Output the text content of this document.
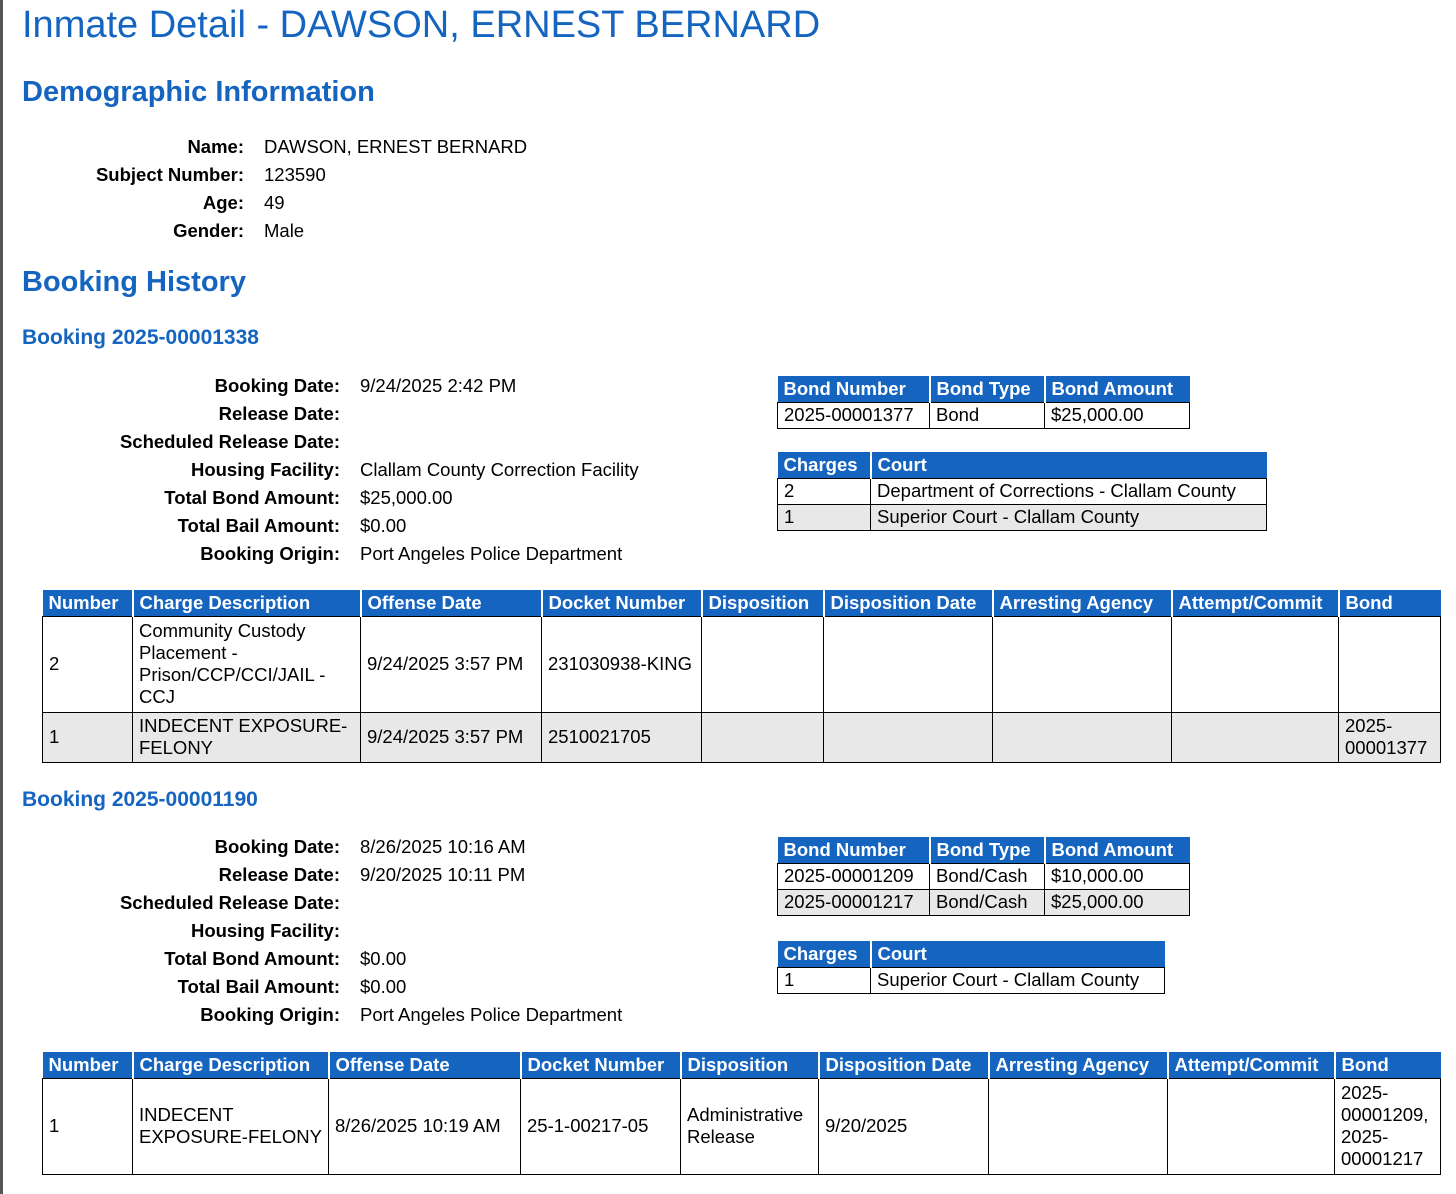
Inmate Detail - DAWSON, ERNEST BERNARD
Demographic Information
Name:	DAWSON, ERNEST BERNARD
Subject Number:	123590
Age:	49
Gender:	Male
Booking History
Booking 2025-00001338
Booking Date:	9/24/2025 2:42 PM
Release Date:	
Scheduled Release Date:	
Housing Facility:	Clallam County Correction Facility
Total Bond Amount:	$25,000.00
Total Bail Amount:	$0.00
Booking Origin:	Port Angeles Police Department
Bond Number	Bond Type	Bond Amount
2025-00001377	Bond	$25,000.00
Charges	Court
2	Department of Corrections - Clallam County
1	Superior Court - Clallam County
Number	Charge Description	Offense Date	Docket Number	Disposition	Disposition Date	Arresting Agency	Attempt/Commit	Bond
2	Community Custody Placement - Prison/CCP/CCI/JAIL - CCJ	9/24/2025 3:57 PM	231030938-KING					
1	INDECENT EXPOSURE-FELONY	9/24/2025 3:57 PM	2510021705					2025-00001377
Booking 2025-00001190
Booking Date:	8/26/2025 10:16 AM
Release Date:	9/20/2025 10:11 PM
Scheduled Release Date:	
Housing Facility:	
Total Bond Amount:	$0.00
Total Bail Amount:	$0.00
Booking Origin:	Port Angeles Police Department
Bond Number	Bond Type	Bond Amount
2025-00001209	Bond/Cash	$10,000.00
2025-00001217	Bond/Cash	$25,000.00
Charges	Court
1	Superior Court - Clallam County
Number	Charge Description	Offense Date	Docket Number	Disposition	Disposition Date	Arresting Agency	Attempt/Commit	Bond
1	INDECENT EXPOSURE-FELONY	8/26/2025 10:19 AM	25-1-00217-05	Administrative Release	9/20/2025			2025-00001209, 2025-00001217
